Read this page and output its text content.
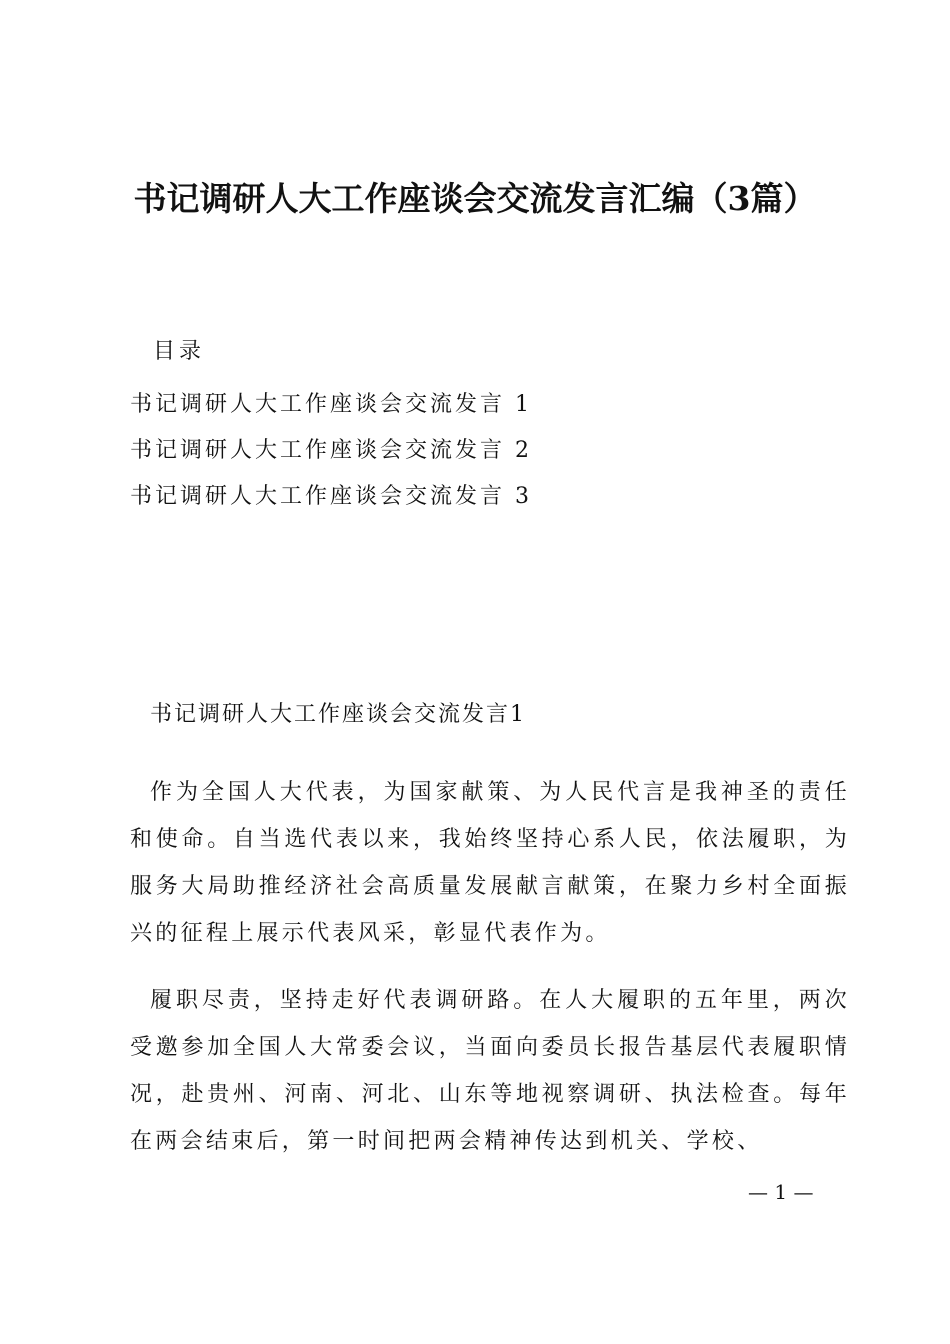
书记调研人大工作座谈会交流发言汇编（3篇）
目录
书记调研人大工作座谈会交流发言 1
书记调研人大工作座谈会交流发言 2
书记调研人大工作座谈会交流发言 3
书记调研人大工作座谈会交流发言1

作为全国人大代表，为国家献策、为人民代言是我神圣的责任和使命。自当选代表以来，我始终坚持心系人民，依法履职，为服务大局助推经济社会高质量发展献言献策，在聚力乡村全面振兴的征程上展示代表风采，彰显代表作为。

履职尽责，坚持走好代表调研路。在人大履职的五年里，两次受邀参加全国人大常委会议，当面向委员长报告基层代表履职情况，赴贵州、河南、河北、山东等地视察调研、执法检查。每年在两会结束后，第一时间把两会精神传达到机关、学校、

— 1 —
